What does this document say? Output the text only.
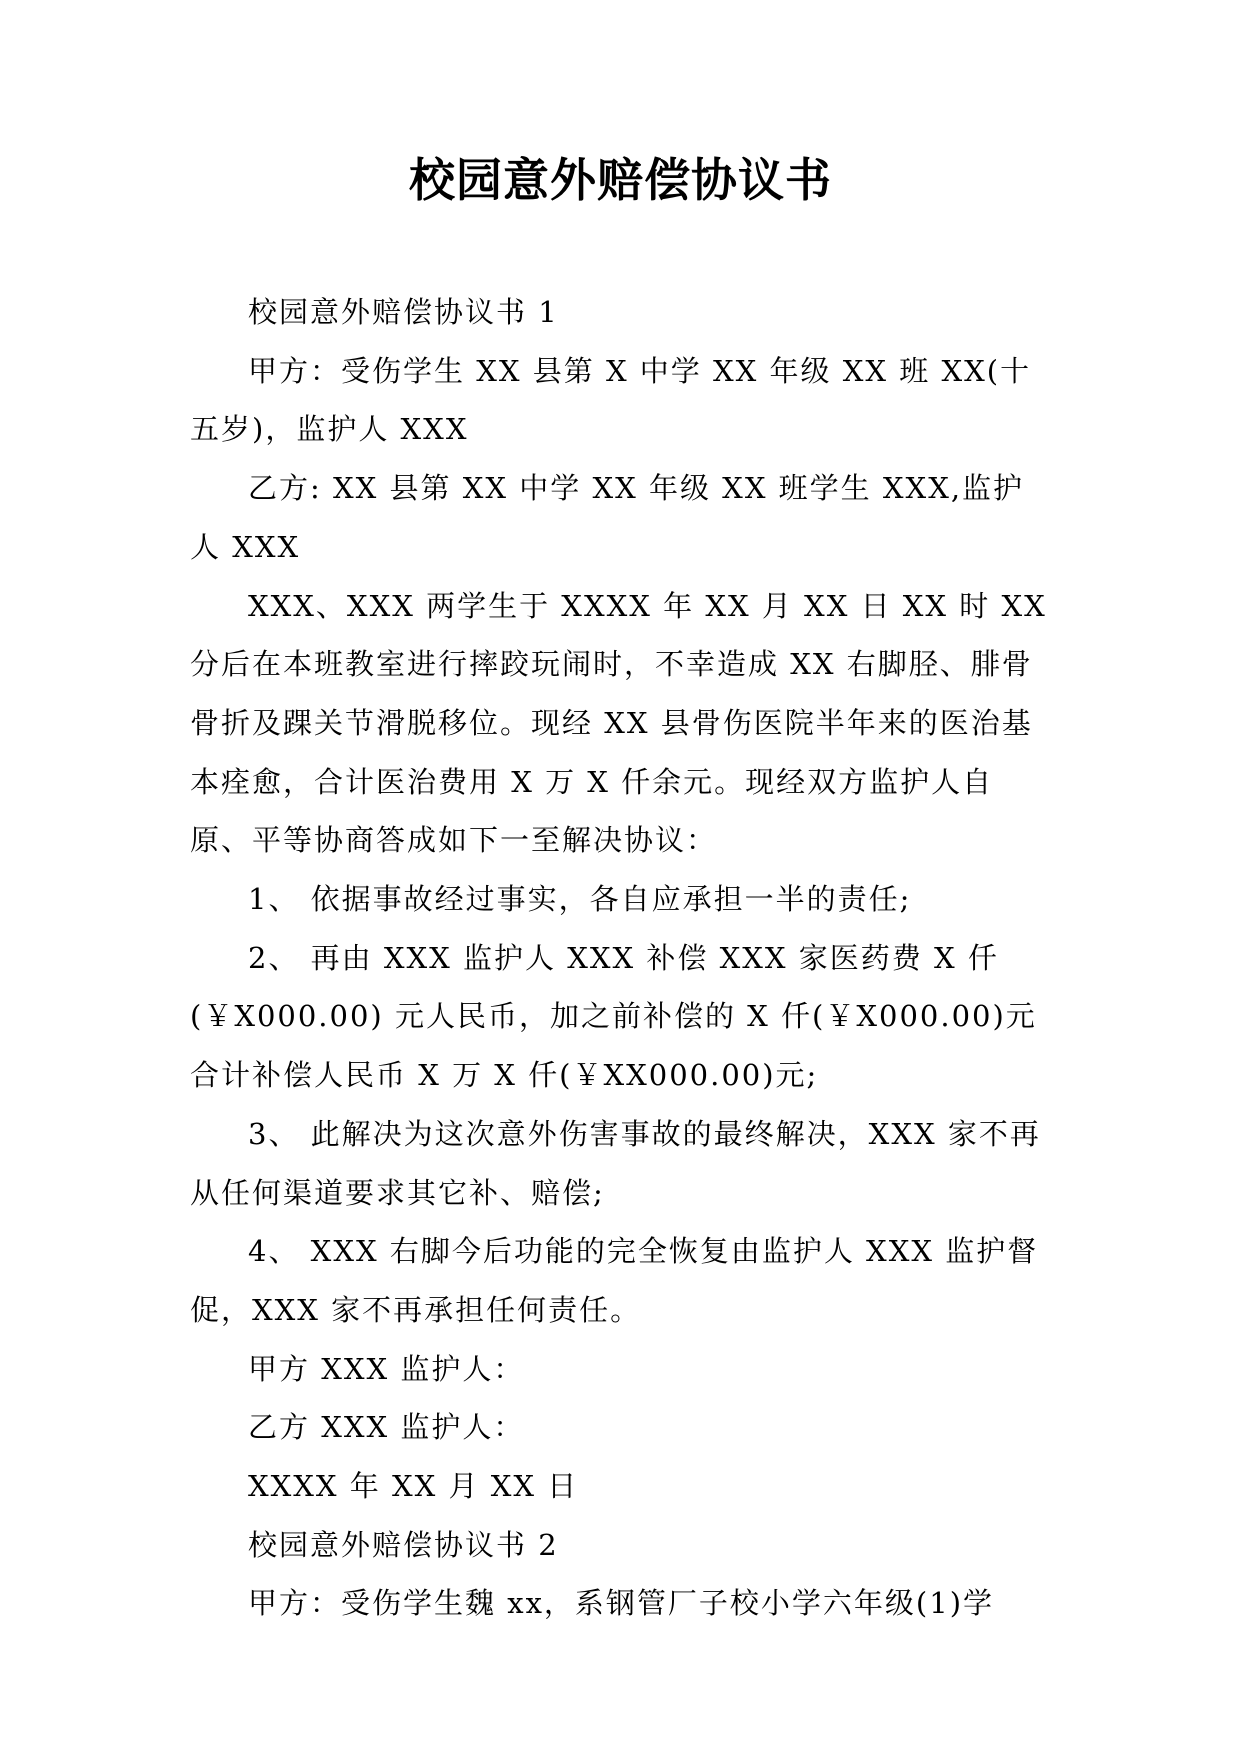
校园意外赔偿协议书

校园意外赔偿协议书 1

甲方：受伤学生 XX 县第 X 中学 XX 年级 XX 班 XX(十五岁)，监护人 XXX

乙方: XX 县第 XX 中学 XX 年级 XX 班学生 XXX,监护人 XXX

XXX、XXX 两学生于 XXXX 年 XX 月 XX 日 XX 时 XX 分后在本班教室进行摔跤玩闹时，不幸造成 XX 右脚胫、腓骨骨折及踝关节滑脱移位。现经 XX 县骨伤医院半年来的医治基本痊愈，合计医治费用 X 万 X 仟余元。现经双方监护人自原、平等协商答成如下一至解决协议：

1、 依据事故经过事实，各自应承担一半的责任;

2、 再由 XXX 监护人 XXX 补偿 XXX 家医药费 X 仟(￥X000.00) 元人民币，加之前补偿的 X 仟(￥X000.00)元合计补偿人民币 X 万 X 仟(￥XX000.00)元;

3、 此解决为这次意外伤害事故的最终解决，XXX 家不再从任何渠道要求其它补、赔偿;

4、 XXX 右脚今后功能的完全恢复由监护人 XXX 监护督促，XXX 家不再承担任何责任。

甲方 XXX 监护人：

乙方 XXX 监护人：

XXXX 年 XX 月 XX 日

校园意外赔偿协议书 2

甲方：受伤学生魏 xx，系钢管厂子校小学六年级(1)学
